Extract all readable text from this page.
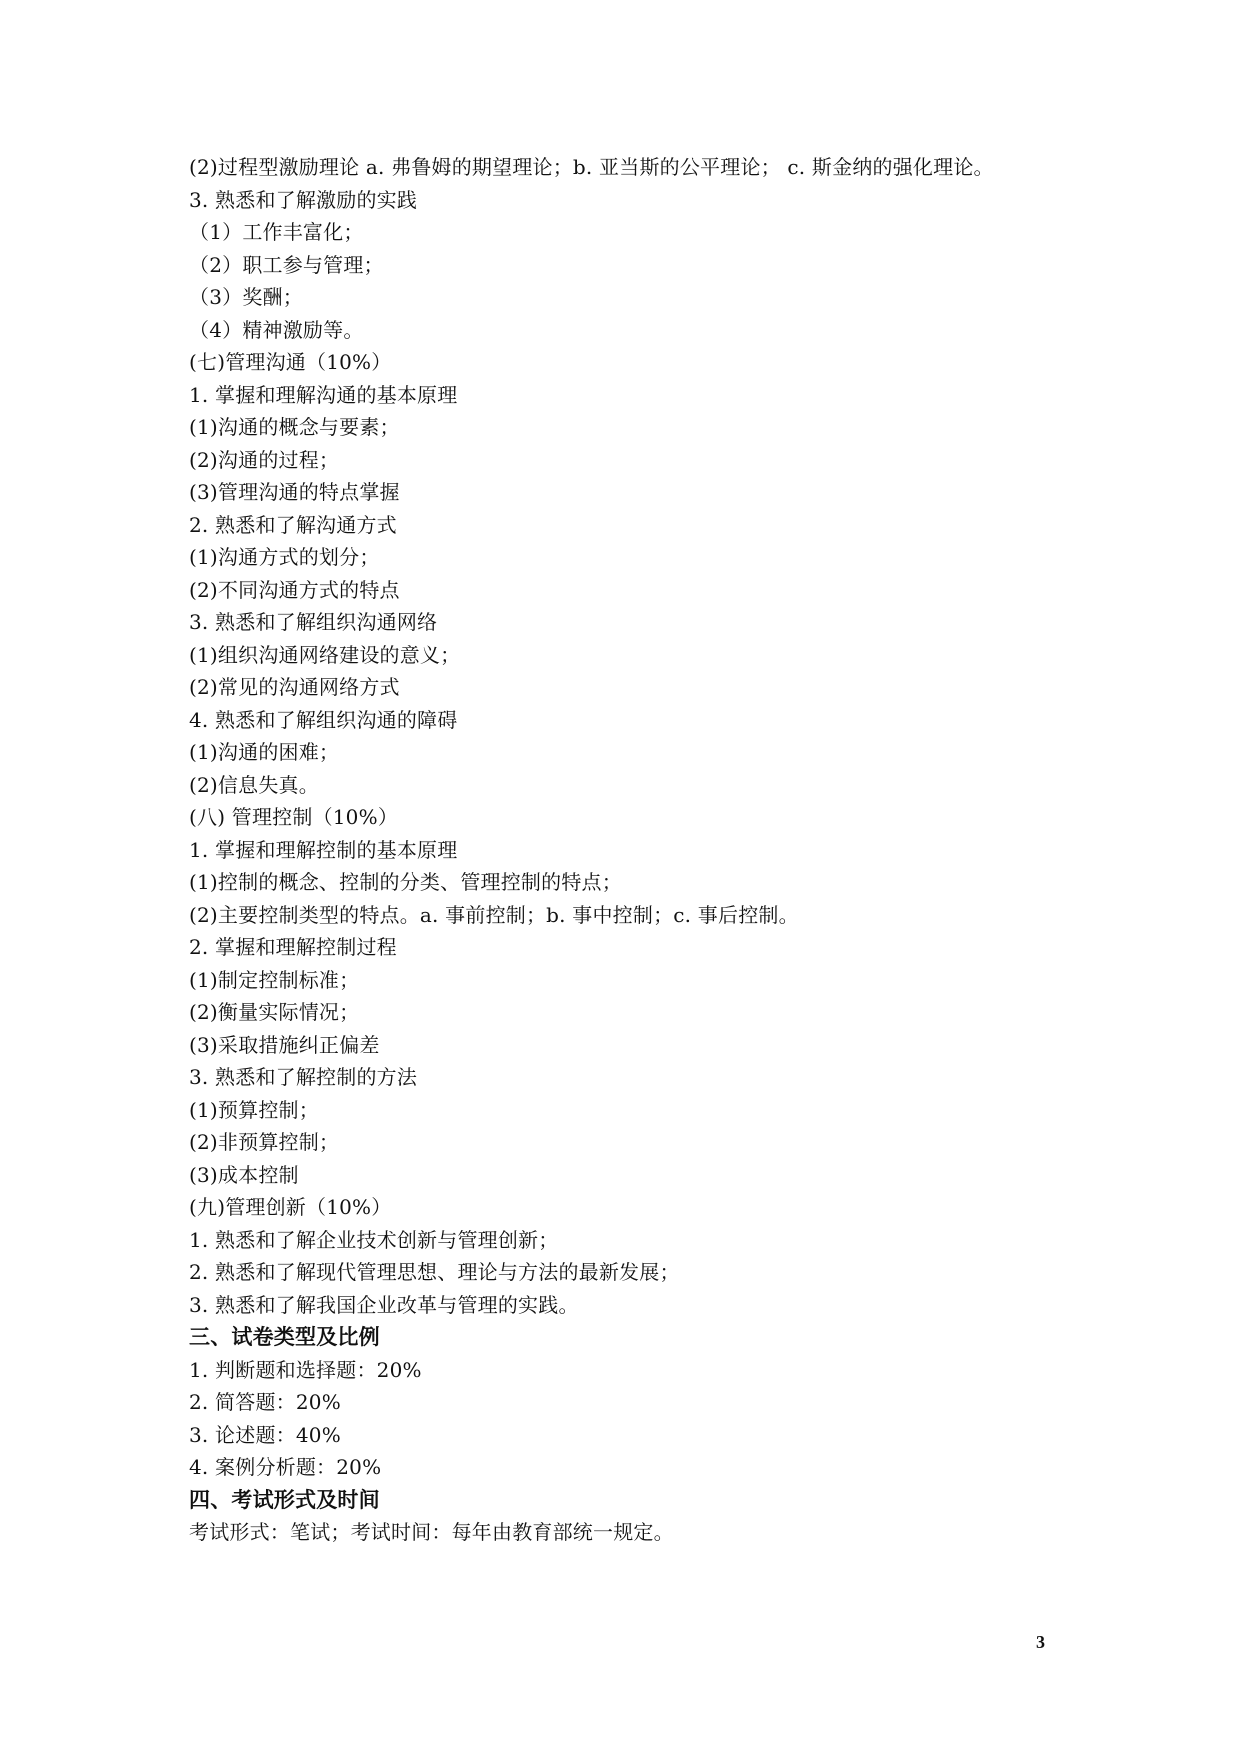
(2)过程型激励理论 a. 弗鲁姆的期望理论；b. 亚当斯的公平理论； c. 斯金纳的强化理论。
3. 熟悉和了解激励的实践
（1）工作丰富化；
（2）职工参与管理；
（3）奖酬；
（4）精神激励等。
(七)管理沟通（10%）
1. 掌握和理解沟通的基本原理
(1)沟通的概念与要素；
(2)沟通的过程；
(3)管理沟通的特点掌握
2. 熟悉和了解沟通方式
(1)沟通方式的划分；
(2)不同沟通方式的特点
3. 熟悉和了解组织沟通网络
(1)组织沟通网络建设的意义；
(2)常见的沟通网络方式
4. 熟悉和了解组织沟通的障碍
(1)沟通的困难；
(2)信息失真。
(八) 管理控制（10%）
1. 掌握和理解控制的基本原理
(1)控制的概念、控制的分类、管理控制的特点；
(2)主要控制类型的特点。a. 事前控制；b. 事中控制；c. 事后控制。
2. 掌握和理解控制过程
(1)制定控制标准；
(2)衡量实际情况；
(3)采取措施纠正偏差
3. 熟悉和了解控制的方法
(1)预算控制；
(2)非预算控制；
(3)成本控制
(九)管理创新（10%）
1. 熟悉和了解企业技术创新与管理创新；
2. 熟悉和了解现代管理思想、理论与方法的最新发展；
3. 熟悉和了解我国企业改革与管理的实践。
三、试卷类型及比例
1. 判断题和选择题：20%
2. 简答题：20%
3. 论述题：40%
4. 案例分析题：20%
四、考试形式及时间
考试形式：笔试；考试时间：每年由教育部统一规定。
3
